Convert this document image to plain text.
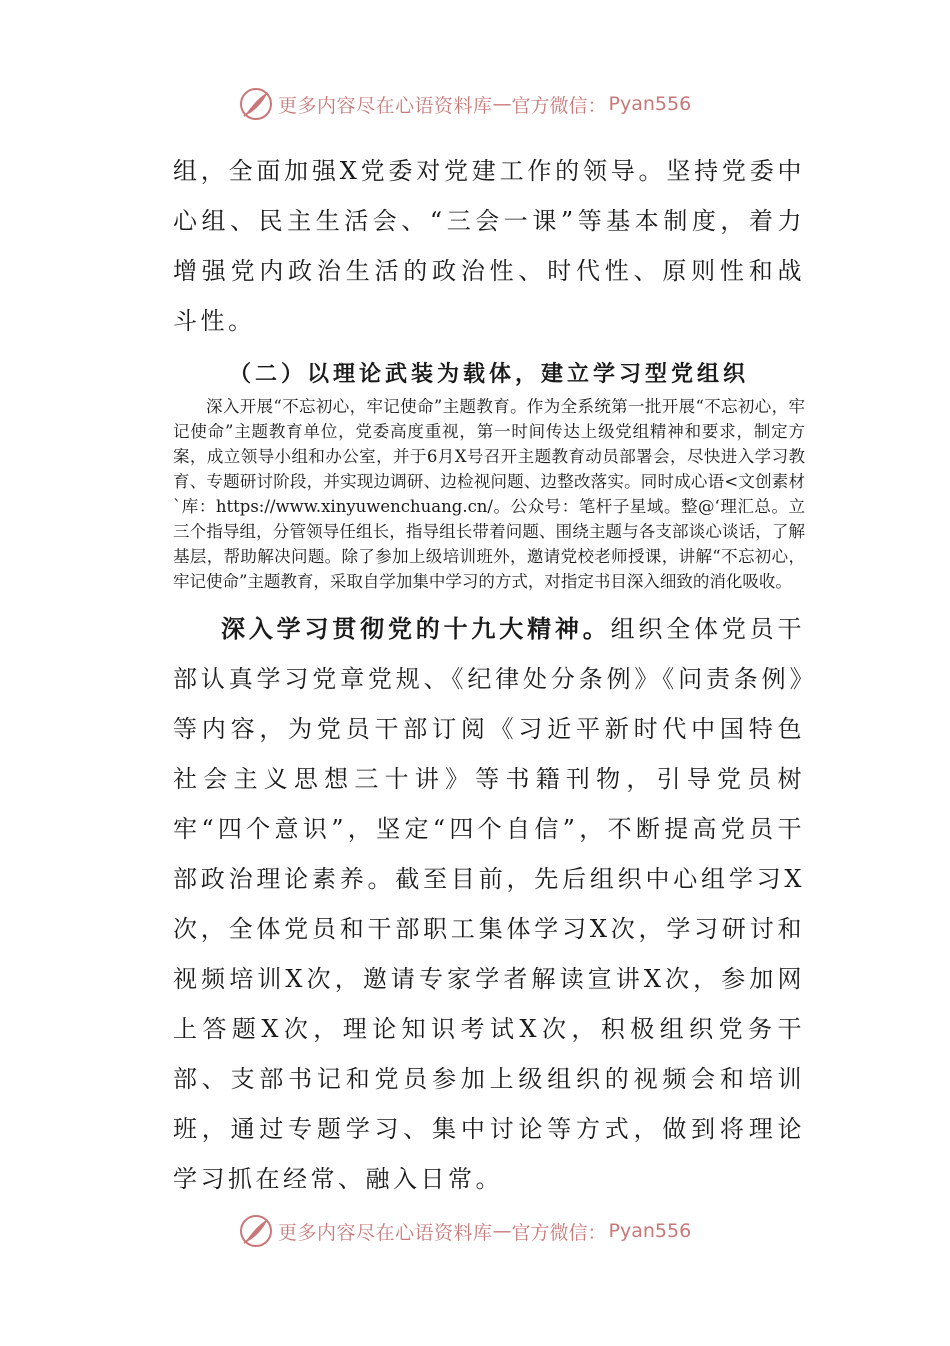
更多内容尽在心语资料库 — 官方微信： Pyan556

组，全面加强X党委对党建工作的领导。坚持党委中心组、民主生活会、“三会一课”等基本制度，着力增强党内政治生活的政治性、时代性、原则性和战斗性。

（二）以理论武装为载体，建立学习型党组织

深入开展“不忘初心，牢记使命”主题教育。作为全系统第一批开展“不忘初心，牢记使命”主题教育单位，党委高度重视，第一时间传达上级党组精神和要求，制定方案，成立领导小组和办公室，并于6月X号召开主题教育动员部署会，尽快进入学习教育、专题研讨阶段，并实现边调研、边检视问题、边整改落实。同时成心语<文创素材`库：https://www.xinyuwenchuang.cn/。公众号：笔杆子星域。整@‘理汇总。立三个指导组，分管领导任组长，指导组长带着问题、围绕主题与各支部谈心谈话，了解基层，帮助解决问题。除了参加上级培训班外，邀请党校老师授课，讲解“不忘初心，牢记使命”主题教育，采取自学加集中学习的方式，对指定书目深入细致的消化吸收。

深入学习贯彻党的十九大精神。组织全体党员干部认真学习党章党规、《纪律处分条例》《问责条例》等内容，为党员干部订阅《习近平新时代中国特色社会主义思想三十讲》等书籍刊物，引导党员树牢“四个意识”，坚定“四个自信”，不断提高党员干部政治理论素养。截至目前，先后组织中心组学习X次，全体党员和干部职工集体学习X次，学习研讨和视频培训X次，邀请专家学者解读宣讲X次，参加网上答题X次，理论知识考试X次，积极组织党务干部、支部书记和党员参加上级组织的视频会和培训班，通过专题学习、集中讨论等方式，做到将理论学习抓在经常、融入日常。

更多内容尽在心语资料库 — 官方微信： Pyan556
